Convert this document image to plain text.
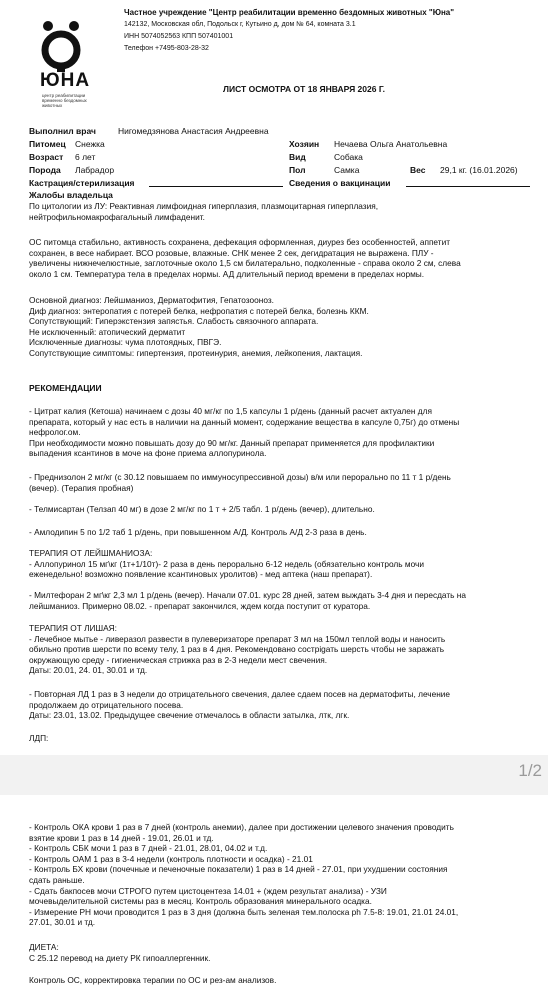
ЮНА
центр реабилитации временно бездомных животных
Частное учреждение "Центр реабилитации временно бездомных животных "Юна"
142132, Московская обл, Подольск г, Кутьино д, дом № 64, комната 3.1
ИНН 5074052563 КПП 507401001
Телефон +7495-803-28-32
ЛИСТ ОСМОТРА ОТ 18 ЯНВАРЯ 2026 Г.
Выполнил врач	Нигомедзянова Анастасия Андреевна
Питомец Снежка	Хозяин Нечаева Ольга Анатольевна
Возраст 6 лет	Вид	Собака
Порода Лабрадор	Пол	Самка	Вес 29,1 кг. (16.01.2026)
Кастрация/стерилизация	Сведения о вакцинации
Жалобы владельца
По цитологии из ЛУ: Реактивная лимфоидная гиперплазия, плазмоцитарная гиперплазия,
нейтрофильномакрофагальный лимфаденит.
ОС питомца стабильно, активность сохранена, дефекация оформленная, диурез без особенностей, аппетит
сохранен, в весе набирает. ВСО розовые, влажные. СНК менее 2 сек, дегидратация не выражена. ПЛУ -
увеличены нижнечелюстные, заглоточные около 1,5 см билатерально, подколенные - справа около 2 см, слева
около 1 см. Температура тела в пределах нормы. АД длительный период времени в пределах нормы.
Основной диагноз: Лейшманиоз, Дерматофития, Гепатозооноз.
Диф диагноз: энтеропатия с потерей белка, нефропатия с потерей белка, болезнь ККМ.
Сопутствующий: Гиперэкстензия запястья. Слабость связочного аппарата.
Не исключенный: атопический дерматит
Исключенные диагнозы: чума плотоядных, ПВГЭ.
Сопутствующие симптомы: гипертензия, протеинурия, анемия, лейкопения, лактация.
РЕКОМЕНДАЦИИ
- Цитрат калия (Кетоша) начинаем с дозы 40 мг/кг по 1,5 капсулы 1 р/день (данный расчет актуален для
препарата, который у нас есть в наличии на данный момент, содержание вещества в капсуле 0,75г) до отмены
нефролог.ом.
При необходимости можно повышать дозу до 90 мг/кг. Данный препарат применяется для профилактики
выпадения ксантинов в моче на фоне приема аллопуринола.
- Преднизолон 2 мг/кг (с 30.12 повышаем по иммуносупрессивной дозы) в/м или перорально по 11 т 1 р/день
(вечер). (Терапия пробная)
- Телмисартан (Телзап 40 мг) в дозе 2 мг/кг по 1 т + 2/5 табл. 1 р/день (вечер), длительно.
- Амлодипин 5 по 1/2 таб 1 р/день, при повышенном А/Д. Контроль А/Д 2-3 раза в день.
ТЕРАПИЯ ОТ ЛЕЙШМАНИОЗА:
- Аллопуринол 15 мг\кг (1т+1/10т)- 2 раза в день перорально 6-12 недель (обязательно контроль мочи
еженедельно! возможно появление ксантиновых уролитов) - мед аптека (наш препарат).
- Милтефоран 2 мг\кг 2,3 мл 1 р/день (вечер). Начали 07.01. курс 28 дней, затем выждать 3-4 дня и пересдать на
лейшманиоз. Примерно 08.02. - препарат закончился, ждем когда поступит от куратора.
ТЕРАПИЯ ОТ ЛИШАЯ:
- Лечебное мытье - ливеразол развести в пулеверизаторе препарат 3 мл на 150мл теплой воды и наносить
обильно против шерсти по всему телу, 1 раз в 4 дня. Рекомендовано сострigать шерсть чтобы не заражать
окружающую среду - гигиеническая стрижка раз в 2-3 недели мест свечения.
Даты: 20.01, 24. 01, 30.01 и тд.
- Повторная ЛД 1 раз в 3 недели до отрицательного свечения, далее сдаем посев на дерматофиты, лечение
продолжаем до отрицательного посева.
Даты: 23.01, 13.02. Предыдущее свечение отмечалось в области затылка, лтк, лгк.
ЛДП:
1/2
- Контроль ОКА крови 1 раз в 7 дней (контроль анемии), далее при достижении целевого значения проводить
взятие крови 1 раз в 14 дней - 19.01, 26.01 и тд.
- Контроль СБК мочи 1 раз в 7 дней - 21.01, 28.01, 04.02 и т.д.
- Контроль ОАМ 1 раз в 3-4 недели (контроль плотности и осадка) - 21.01
- Контроль БХ крови (почечные и печеночные показатели) 1 раз в 14 дней - 27.01, при ухудшении состояния
сдать раньше.
- Сдать бакпосев мочи СТРОГО путем цистоцентеза 14.01 + (ждем результат анализа) - УЗИ
мочевыделительной системы раз в месяц. Контроль образования минерального осадка.
- Измерение PH мочи проводится 1 раз в 3 дня (должна быть зеленая тем.полоска ph 7.5-8: 19.01, 21.01 24.01,
27.01, 30.01 и тд.
ДИЕТА:
С 25.12 перевод на диету РК гипоаллергенник.
Контроль ОС, корректировка терапии по ОС и рез-ам анализов.
